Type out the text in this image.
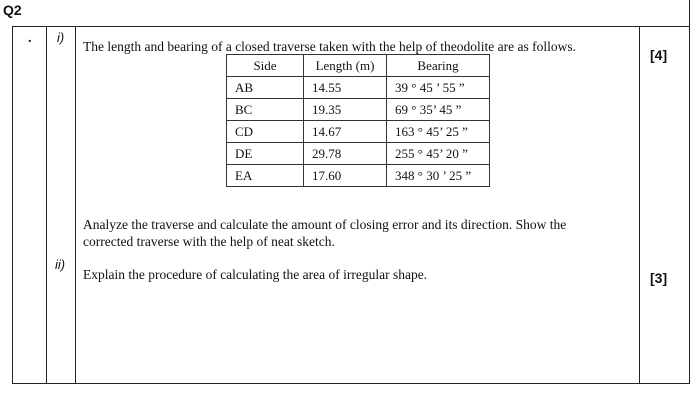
Q2
. i)
The length and bearing of a closed traverse taken with the help of theodolite are as follows.
[4]
Side	Length (m)	Bearing
AB	14.55	39 ° 45 ’ 55 ”
BC	19.35	69 ° 35’ 45 ”
CD	14.67	163 ° 45’ 25 ”
DE	29.78	255 ° 45’ 20 ”
EA	17.60	348 ° 30 ’ 25 ”
Analyze the traverse and calculate the amount of closing error and its direction. Show the
corrected traverse with the help of neat sketch.
ii)
Explain the procedure of calculating the area of irregular shape.	[3]
